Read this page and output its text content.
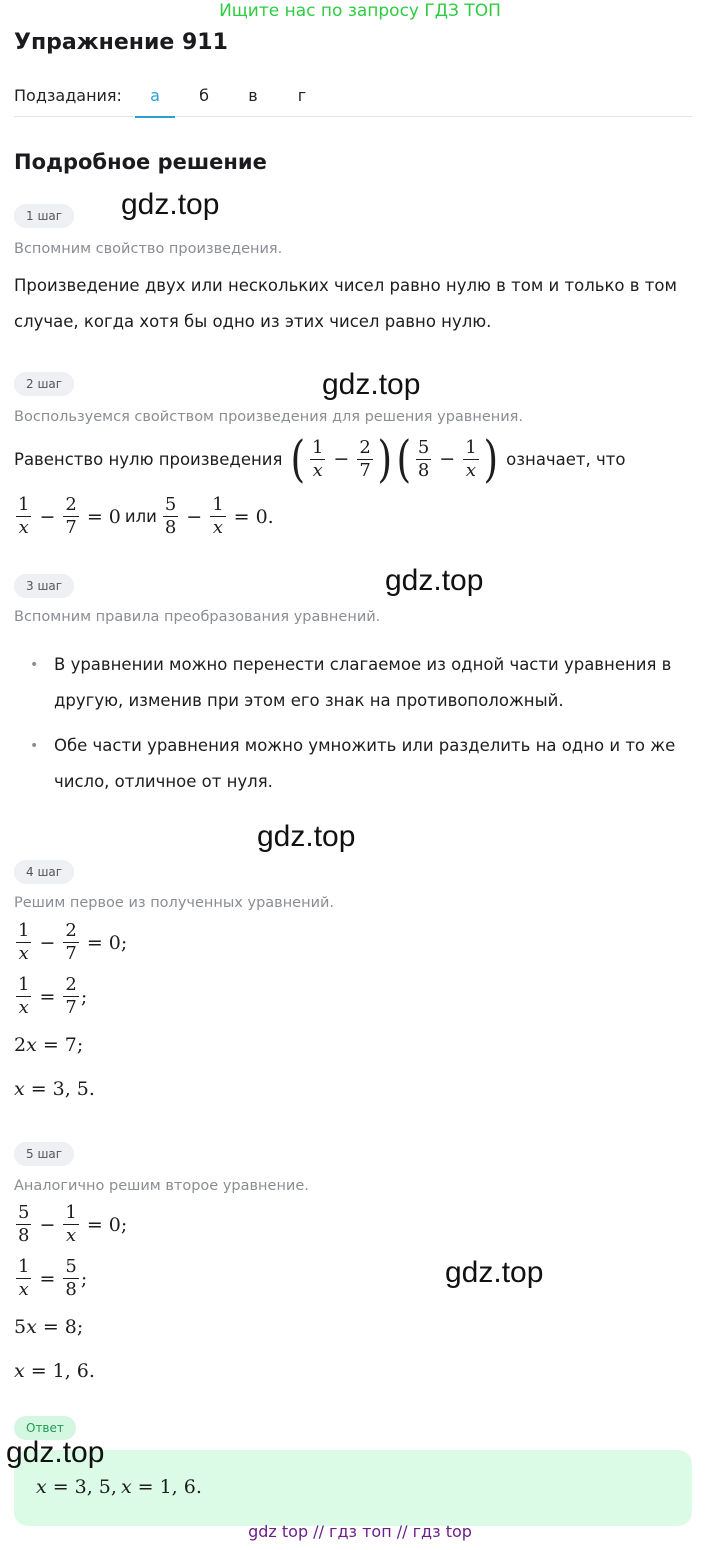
Ищите нас по запросу ГДЗ ТОП
Упражнение 911
Подзадания:	а	б	в	г
Подробное решение
1 шаг	gdz.top
Вспомним свойство произведения.
Произведение двух или нескольких чисел равно нулю в том и только в том случае, когда хотя бы одно из этих чисел равно нулю.
2 шаг	gdz.top
Воспользуемся свойством произведения для решения уравнения.
Равенство нулю произведения ( $\frac{1}{x} - \frac{2}{7}$ ) ( $\frac{5}{8} - \frac{1}{x}$ ) означает, что
$\frac{1}{x} - \frac{2}{7} = 0$ или $\frac{5}{8} - \frac{1}{x} = 0$.
3 шаг	gdz.top
Вспомним правила преобразования уравнений.
• В уравнении можно перенести слагаемое из одной части уравнения в другую, изменив при этом его знак на противоположный.
• Обе части уравнения можно умножить или разделить на одно и то же число, отличное от нуля.
gdz.top
4 шаг
Решим первое из полученных уравнений.
$\frac{1}{x} - \frac{2}{7} = 0$;
$\frac{1}{x} = \frac{2}{7}$ ;
2 x = 7;
x = 3, 5.
5 шаг
Аналогично решим второе уравнение.
$\frac{5}{8} - \frac{1}{x} = 0$;
gdz.top
$\frac{1}{x} = \frac{5}{8}$ ;
5 x = 8;
x = 1, 6.
Ответ
x = 3, 5, x = 1, 6.
gdz.top
gdz top // гдз топ // гдз top
